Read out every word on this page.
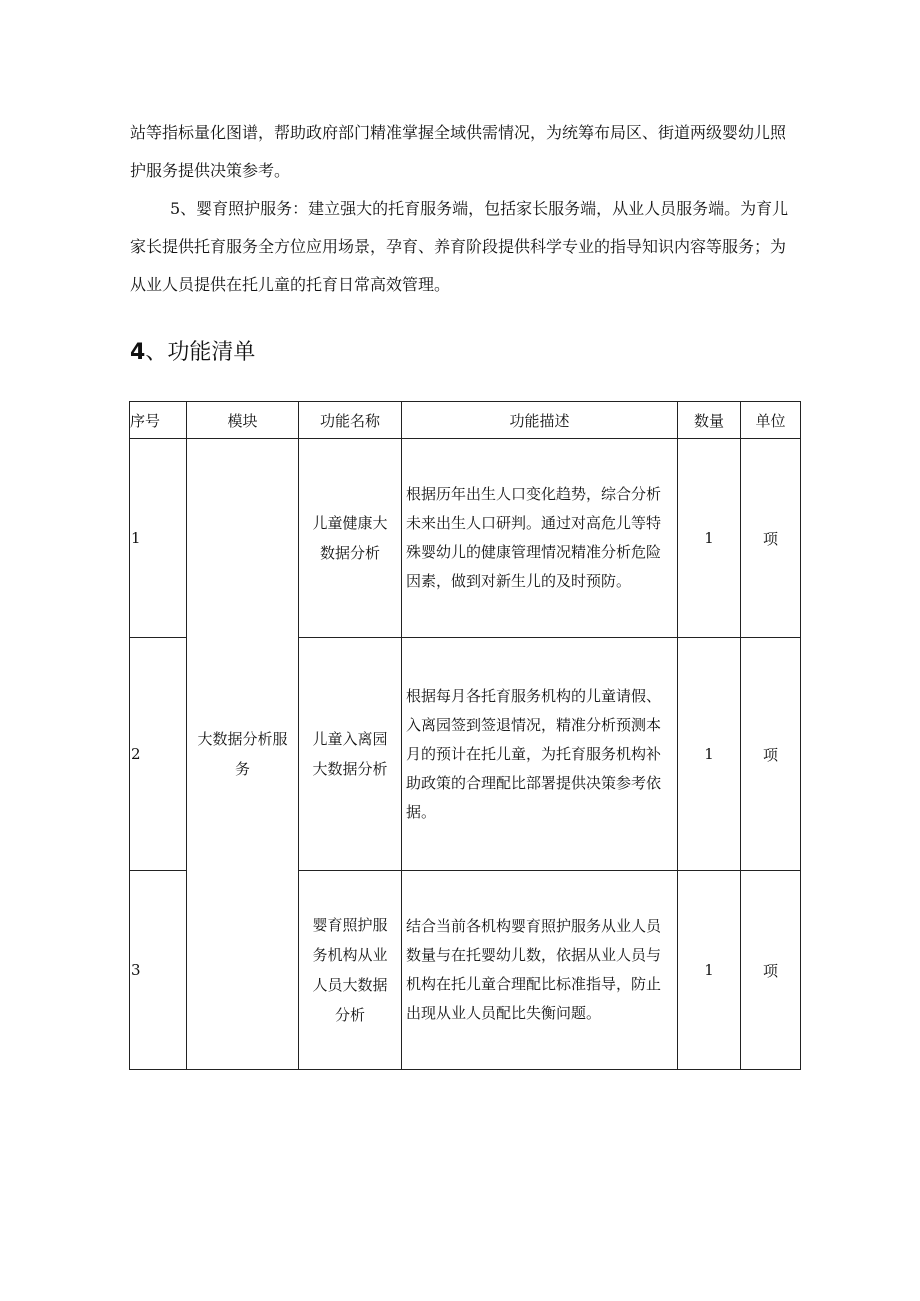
站等指标量化图谱，帮助政府部门精准掌握全域供需情况，为统筹布局区、街道两级婴幼儿照护服务提供决策参考。

5、婴育照护服务：建立强大的托育服务端，包括家长服务端，从业人员服务端。为育儿家长提供托育服务全方位应用场景，孕育、养育阶段提供科学专业的指导知识内容等服务；为从业人员提供在托儿童的托育日常高效管理。

4、功能清单
序号	模块	功能名称	功能描述	数量	单位
1	大数据分析服务	儿童健康大数据分析	根据历年出生人口变化趋势，综合分析未来出生人口研判。通过对高危儿等特殊婴幼儿的健康管理情况精准分析危险因素，做到对新生儿的及时预防。	1	项
2		儿童入离园大数据分析	根据每月各托育服务机构的儿童请假、入离园签到签退情况，精准分析预测本月的预计在托儿童，为托育服务机构补助政策的合理配比部署提供决策参考依据。	1	项
3		婴育照护服务机构从业人员大数据分析	结合当前各机构婴育照护服务从业人员数量与在托婴幼儿数，依据从业人员与机构在托儿童合理配比标准指导，防止出现从业人员配比失衡问题。	1	项
